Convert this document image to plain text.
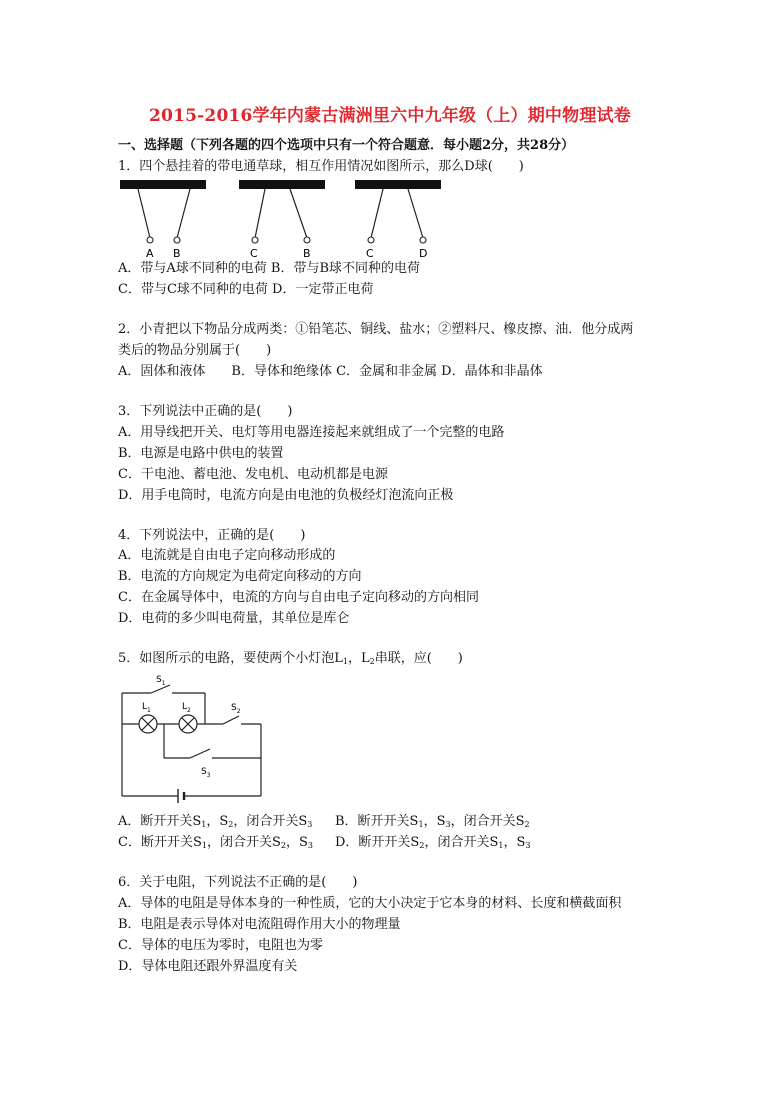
2015-2016学年内蒙古满洲里六中九年级（上）期中物理试卷
一、选择题（下列各题的四个选项中只有一个符合题意．每小题2分，共28分）
1．四个悬挂着的带电通草球，相互作用情况如图所示，那么D球(　　)
A B	C	B	C	D
A．带与A球不同种的电荷 B．带与B球不同种的电荷
C．带与C球不同种的电荷 D．一定带正电荷
2．小青把以下物品分成两类：①铅笔芯、铜线、盐水；②塑料尺、橡皮擦、油．他分成两
类后的物品分别属于(　　)
A．固体和液体　　B．导体和绝缘体 C．金属和非金属 D．晶体和非晶体
3．下列说法中正确的是(　　)
A．用导线把开关、电灯等用电器连接起来就组成了一个完整的电路
B．电源是电路中供电的装置
C．干电池、蓄电池、发电机、电动机都是电源
D．用手电筒时，电流方向是由电池的负极经灯泡流向正极
4．下列说法中，正确的是(　　)
A．电流就是自由电子定向移动形成的
B．电流的方向规定为电荷定向移动的方向
C．在金属导体中，电流的方向与自由电子定向移动的方向相同
D．电荷的多少叫电荷量，其单位是库仑
5．如图所示的电路，要使两个小灯泡$L_1$，$L_2$串联，应(　　)
$S_1$
$L_1$	$L_2$	$S_2$
$S_3$
A．断开开关$S_1$，$S_2$，闭合开关$S_3$ B．断开开关$S_1$，$S_3$，闭合开关$S_2$
C．断开开关$S_1$，闭合开关$S_2$，$S_3$ D．断开开关$S_2$，闭合开关$S_1$，$S_3$
6．关于电阻，下列说法不正确的是(　　)
A．导体的电阻是导体本身的一种性质，它的大小决定于它本身的材料、长度和横截面积
B．电阻是表示导体对电流阻碍作用大小的物理量
C．导体的电压为零时，电阻也为零
D．导体电阻还跟外界温度有关
